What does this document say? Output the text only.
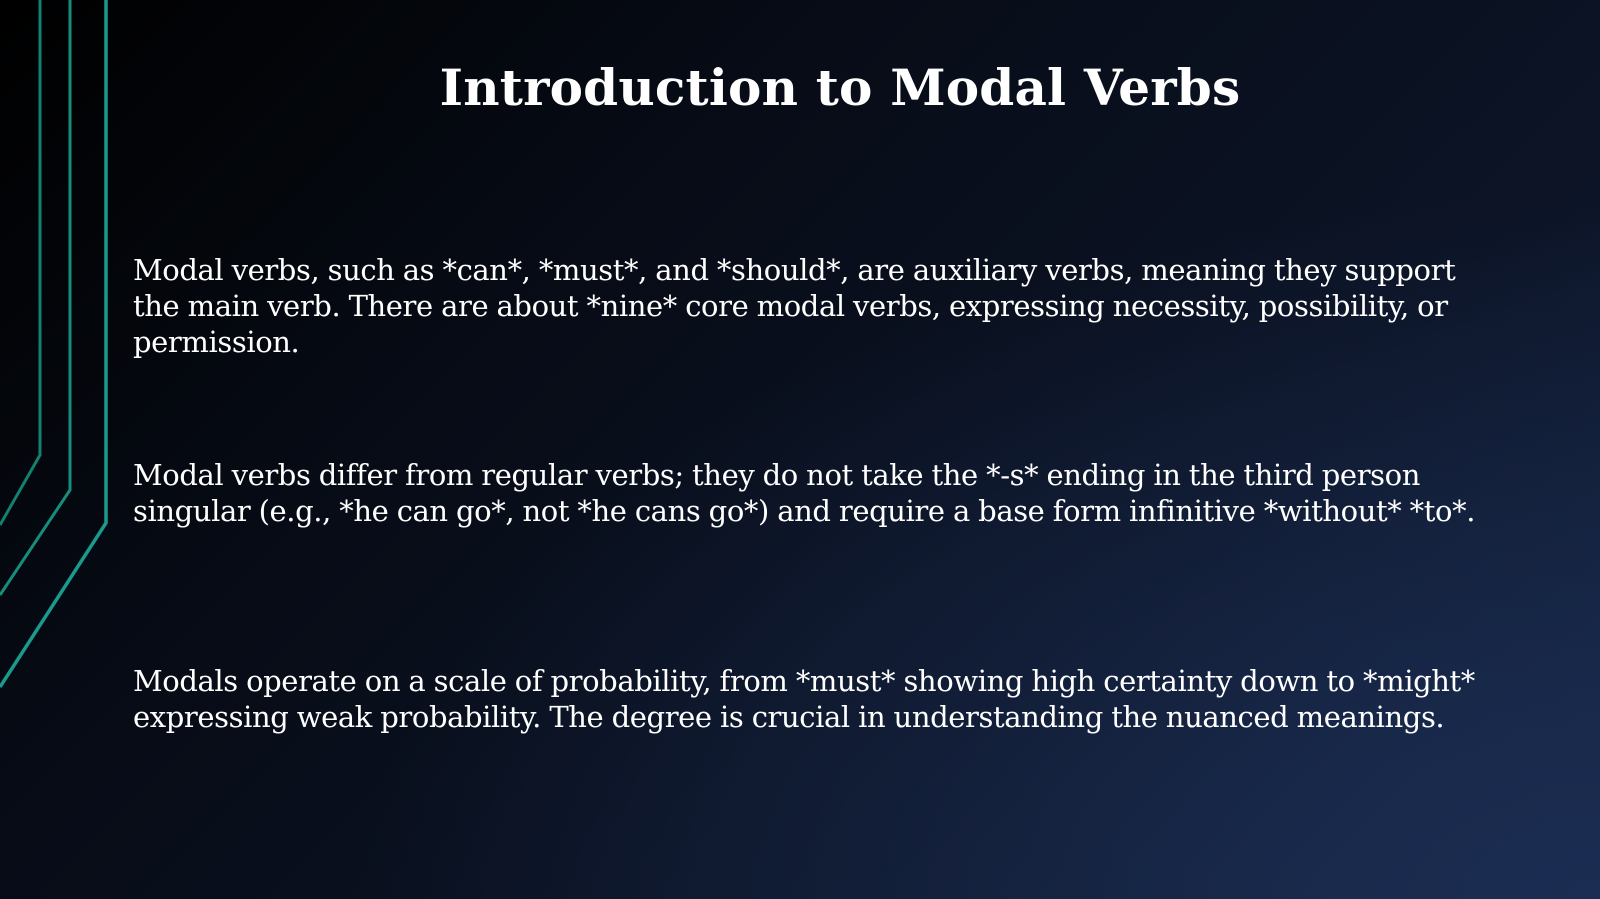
Introduction to Modal Verbs

Modal verbs, such as *can*, *must*, and *should*, are auxiliary verbs, meaning they support the main verb. There are about *nine* core modal verbs, expressing necessity, possibility, or permission.

Modal verbs differ from regular verbs; they do not take the *-s* ending in the third person singular (e.g., *he can go*, not *he cans go*) and require a base form infinitive *without* *to*.

Modals operate on a scale of probability, from *must* showing high certainty down to *might* expressing weak probability. The degree is crucial in understanding the nuanced meanings.
